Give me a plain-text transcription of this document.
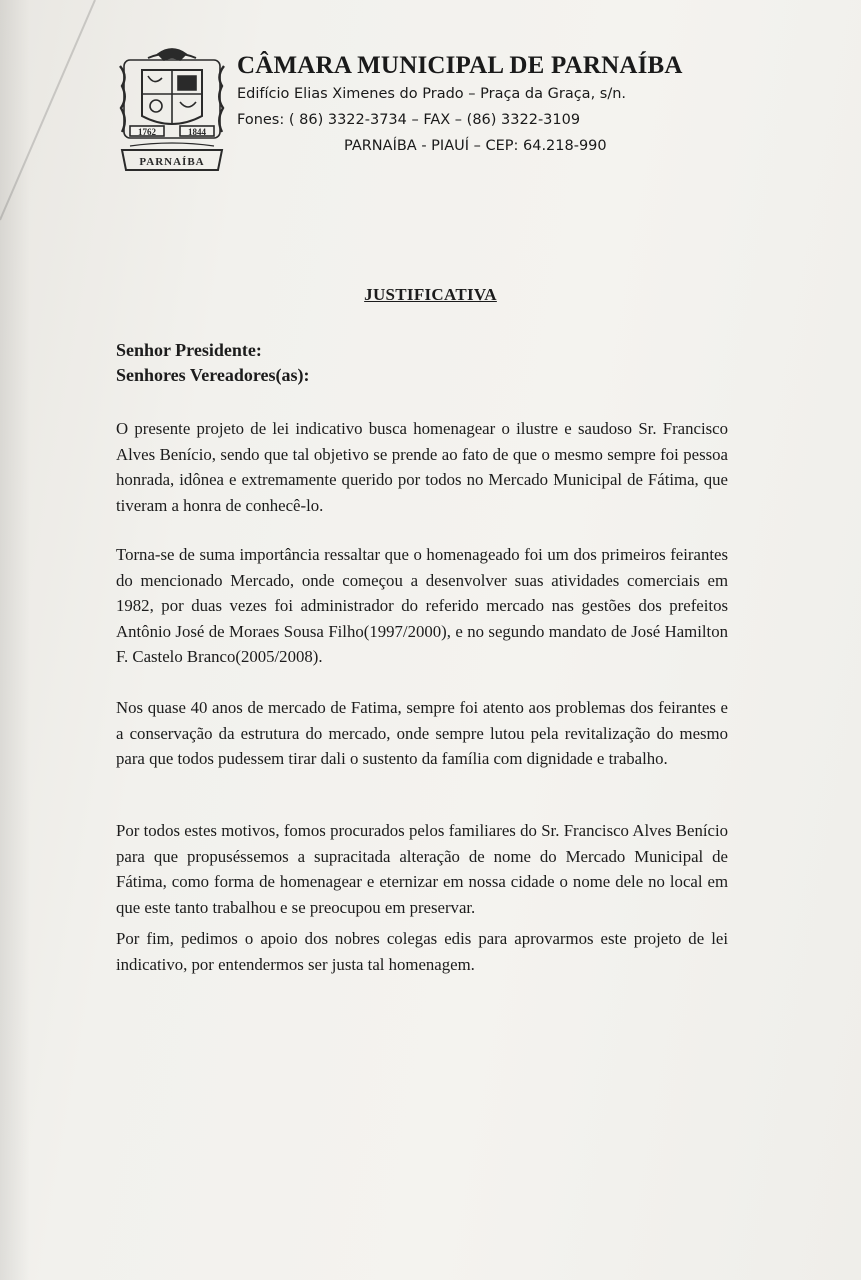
1762	1844
PARNAÍBA
CÂMARA MUNICIPAL DE PARNAÍBA
Edifício Elias Ximenes do Prado – Praça da Graça, s/n.
Fones: ( 86) 3322-3734 – FAX – (86) 3322-3109
PARNAÍBA - PIAUÍ – CEP: 64.218-990
JUSTIFICATIVA
Senhor Presidente:
Senhores Vereadores(as):
O presente projeto de lei indicativo busca homenagear o ilustre e saudoso Sr. Francisco Alves Benício, sendo que tal objetivo se prende ao fato de que o mesmo sempre foi pessoa honrada, idônea e extremamente querido por todos no Mercado Municipal de Fátima, que tiveram a honra de conhecê-lo.
Torna-se de suma importância ressaltar que o homenageado foi um dos primeiros feirantes do mencionado Mercado, onde começou a desenvolver suas atividades comerciais em 1982, por duas vezes foi administrador do referido mercado nas gestões dos prefeitos Antônio José de Moraes Sousa Filho(1997/2000), e no segundo mandato de José Hamilton F. Castelo Branco(2005/2008).
Nos quase 40 anos de mercado de Fatima, sempre foi atento aos problemas dos feirantes e a conservação da estrutura do mercado, onde sempre lutou pela revitalização do mesmo para que todos pudessem tirar dali o sustento da família com dignidade e trabalho.
Por todos estes motivos, fomos procurados pelos familiares do Sr. Francisco Alves Benício para que propuséssemos a supracitada alteração de nome do Mercado Municipal de Fátima, como forma de homenagear e eternizar em nossa cidade o nome dele no local em que este tanto trabalhou e se preocupou em preservar.
Por fim, pedimos o apoio dos nobres colegas edis para aprovarmos este projeto de lei indicativo, por entendermos ser justa tal homenagem.
